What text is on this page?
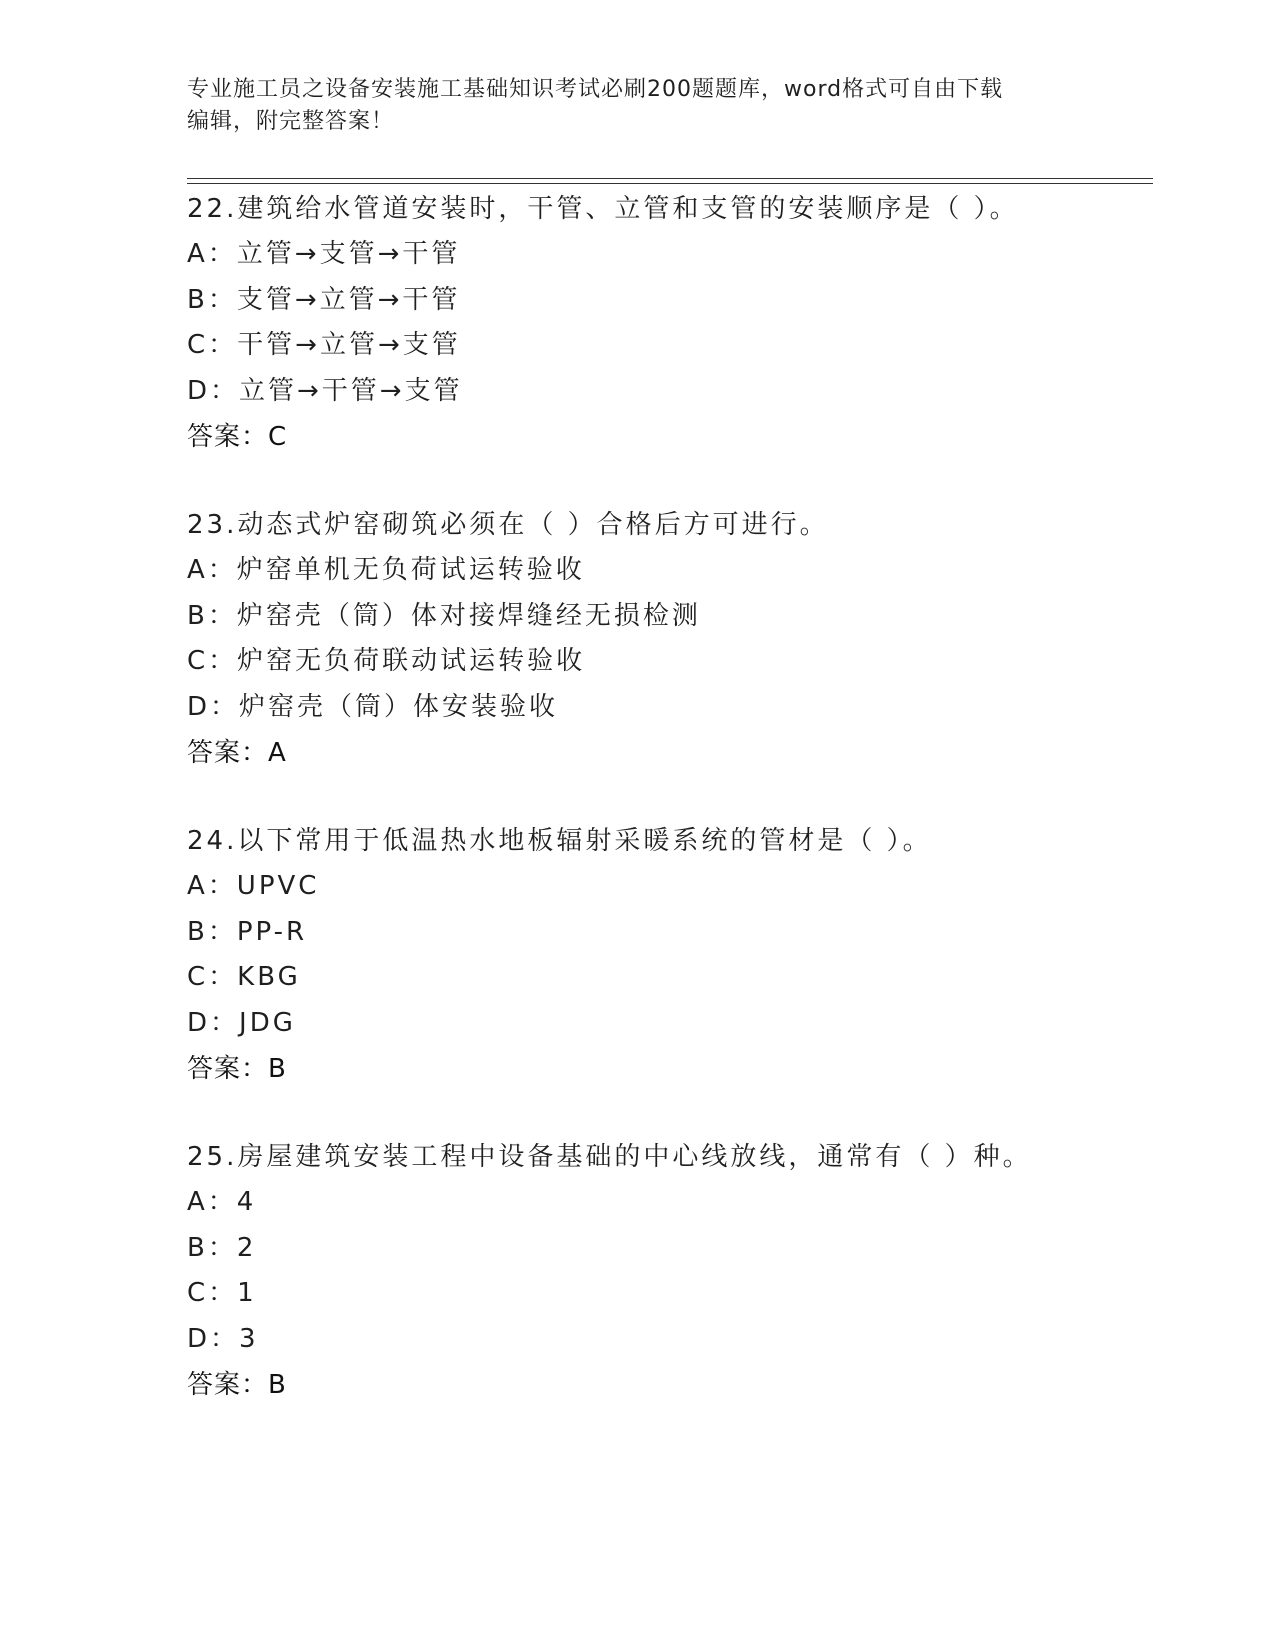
专业施工员之设备安装施工基础知识考试必刷200题题库，word格式可自由下载
编辑，附完整答案！
22.建筑给水管道安装时，干管、立管和支管的安装顺序是（ ）。
A：立管→支管→干管
B：支管→立管→干管
C：干管→立管→支管
D：立管→干管→支管
答案：C
23.动态式炉窑砌筑必须在（ ）合格后方可进行。
A：炉窑单机无负荷试运转验收
B：炉窑壳（筒）体对接焊缝经无损检测
C：炉窑无负荷联动试运转验收
D：炉窑壳（筒）体安装验收
答案：A
24.以下常用于低温热水地板辐射采暖系统的管材是（ ）。
A：UPVC
B：PP-R
C：KBG
D：JDG
答案：B
25.房屋建筑安装工程中设备基础的中心线放线，通常有（ ）种。
A：4
B：2
C：1
D：3
答案：B
